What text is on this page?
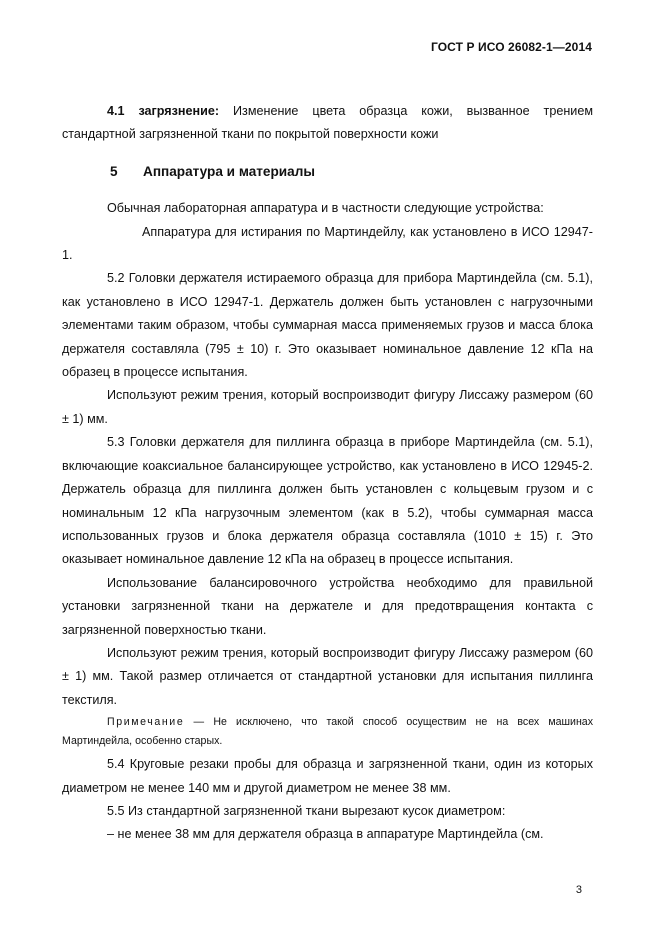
ГОСТ Р ИСО 26082-1—2014

4.1 загрязнение: Изменение цвета образца кожи, вызванное трением стандартной загрязненной ткани по покрытой поверхности кожи

5 Аппаратура и материалы

Обычная лабораторная аппаратура и в частности следующие устройства:

Аппаратура для истирания по Мартиндейлу, как установлено в ИСО 12947-1.

5.2 Головки держателя истираемого образца для прибора Мартиндейла (см. 5.1), как установлено в ИСО 12947-1. Держатель должен быть установлен с нагрузочными элементами таким образом, чтобы суммарная масса применяемых грузов и масса блока держателя составляла (795 ± 10) г. Это оказывает номинальное давление 12 кПа на образец в процессе испытания.

Используют режим трения, который воспроизводит фигуру Лиссажу размером (60 ± 1) мм.

5.3 Головки держателя для пиллинга образца в приборе Мартиндейла (см. 5.1), включающие коаксиальное балансирующее устройство, как установлено в ИСО 12945-2. Держатель образца для пиллинга должен быть установлен с кольцевым грузом и с номинальным 12 кПа нагрузочным элементом (как в 5.2), чтобы суммарная масса использованных грузов и блока держателя образца составляла (1010 ± 15) г. Это оказывает номинальное давление 12 кПа на образец в процессе испытания.

Использование балансировочного устройства необходимо для правильной установки загрязненной ткани на держателе и для предотвращения контакта с загрязненной поверхностью ткани.

Используют режим трения, который воспроизводит фигуру Лиссажу размером (60 ± 1) мм. Такой размер отличается от стандартной установки для испытания пиллинга текстиля.

Примечание — Не исключено, что такой способ осуществим не на всех машинах Мартиндейла, особенно старых.

5.4 Круговые резаки пробы для образца и загрязненной ткани, один из которых диаметром не менее 140 мм и другой диаметром не менее 38 мм.

5.5 Из стандартной загрязненной ткани вырезают кусок диаметром:

– не менее 38 мм для держателя образца в аппаратуре Мартиндейла (см.

3
